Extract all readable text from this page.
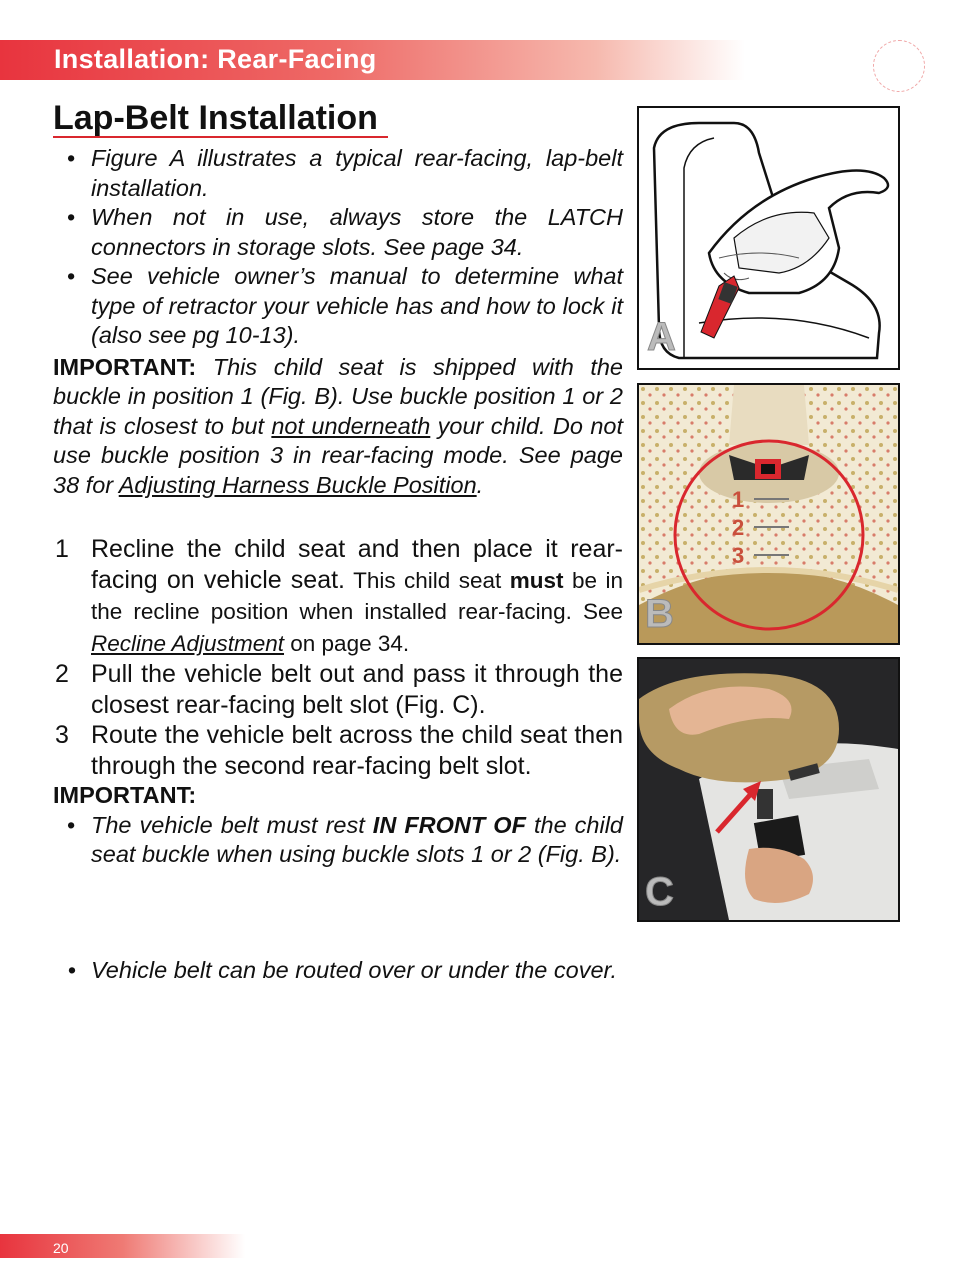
Installation: Rear-Facing
Lap-Belt Installation
• Figure A illustrates a typical rear-facing, lap-belt installation.
• When not in use, always store the LATCH connectors in storage slots. See page 34.
• See vehicle owner’s manual to determine what type of retractor your vehicle has and how to lock it (also see pg 10-13).
IMPORTANT: This child seat is shipped with the buckle in position 1 (Fig. B). Use buckle position 1 or 2 that is closest to but not underneath your child. Do not use buckle position 3 in rear-facing mode. See page 38 for Adjusting Harness Buckle Position.
1 Recline the child seat and then place it rear-facing on vehicle seat. This child seat must be in the recline position when installed rear-facing. See Recline Adjustment on page 34.
2 Pull the vehicle belt out and pass it through the closest rear-facing belt slot (Fig. C).
3 Route the vehicle belt across the child seat then through the second rear-facing belt slot.
IMPORTANT:
• The vehicle belt must rest IN FRONT OF the child seat buckle when using buckle slots 1 or 2 (Fig. B).
• Vehicle belt can be routed over or under the cover.
A
1
2
3
B
C
20
